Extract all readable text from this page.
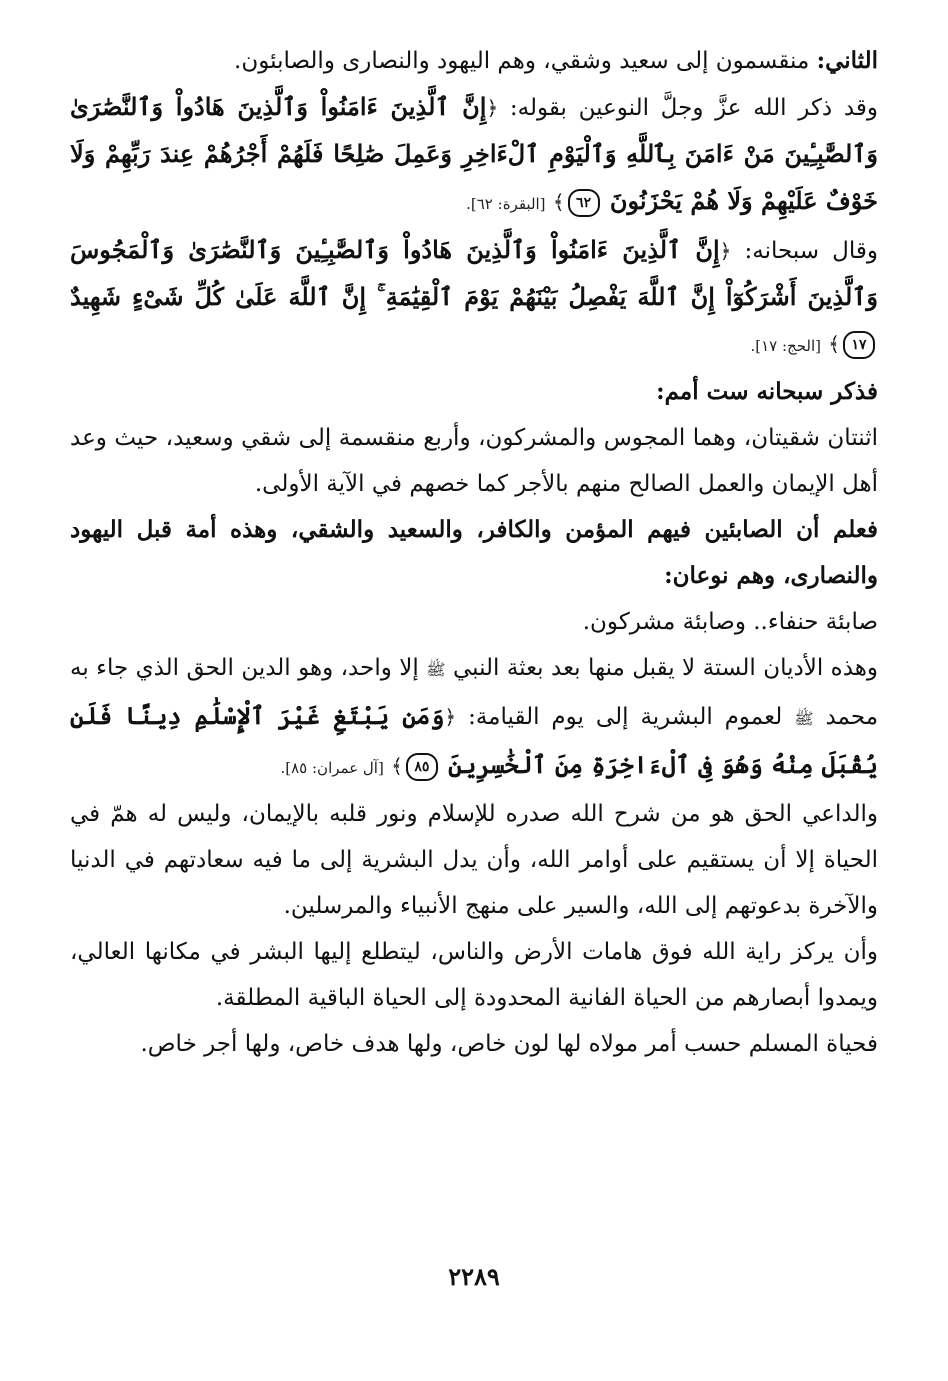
الثاني: منقسمون إلى سعيد وشقي، وهم اليهود والنصارى والصابئون.

وقد ذكر الله عزَّ وجلَّ النوعين بقوله: ﴿إِنَّ ٱلَّذِينَ ءَامَنُواْ وَٱلَّذِينَ هَادُواْ وَٱلنَّصَٰرَىٰ وَٱلصَّٰبِـِٔينَ مَنْ ءَامَنَ بِٱللَّهِ وَٱلْيَوْمِ ٱلْءَاخِرِ وَعَمِلَ صَٰلِحًا فَلَهُمْ أَجْرُهُمْ عِندَ رَبِّهِمْ وَلَا خَوْفٌ عَلَيْهِمْ وَلَا هُمْ يَحْزَنُونَ ٦٢﴾ [البقرة: ٦٢].

وقال سبحانه: ﴿إِنَّ ٱلَّذِينَ ءَامَنُواْ وَٱلَّذِينَ هَادُواْ وَٱلصَّٰبِـِٔينَ وَٱلنَّصَٰرَىٰ وَٱلْمَجُوسَ وَٱلَّذِينَ أَشْرَكُوٓاْ إِنَّ ٱللَّهَ يَفْصِلُ بَيْنَهُمْ يَوْمَ ٱلْقِيَٰمَةِ ۚ إِنَّ ٱللَّهَ عَلَىٰ كُلِّ شَىْءٍ شَهِيدٌ ١٧﴾ [الحج: ١٧].

فذكر سبحانه ست أمم:

اثنتان شقيتان، وهما المجوس والمشركون، وأربع منقسمة إلى شقي وسعيد، حيث وعد أهل الإيمان والعمل الصالح منهم بالأجر كما خصهم في الآية الأولى.

فعلم أن الصابئين فيهم المؤمن والكافر، والسعيد والشقي، وهذه أمة قبل اليهود والنصارى، وهم نوعان:

صابئة حنفاء.. وصابئة مشركون.

وهذه الأديان الستة لا يقبل منها بعد بعثة النبي ﷺ إلا واحد، وهو الدين الحق الذي جاء به محمد ﷺ لعموم البشرية إلى يوم القيامة: ﴿وَمَن يَبْتَغِ غَيْرَ ٱلْإِسْلَٰمِ دِينًا فَلَن يُقْبَلَ مِنْهُ وَهُوَ فِى ٱلْءَاخِرَةِ مِنَ ٱلْخَٰسِرِينَ ٨٥﴾ [آل عمران: ٨٥].

والداعي الحق هو من شرح الله صدره للإسلام ونور قلبه بالإيمان، وليس له همّ في الحياة إلا أن يستقيم على أوامر الله، وأن يدل البشرية إلى ما فيه سعادتهم في الدنيا والآخرة بدعوتهم إلى الله، والسير على منهج الأنبياء والمرسلين.

وأن يركز راية الله فوق هامات الأرض والناس، ليتطلع إليها البشر في مكانها العالي، ويمدوا أبصارهم من الحياة الفانية المحدودة إلى الحياة الباقية المطلقة.

فحياة المسلم حسب أمر مولاه لها لون خاص، ولها هدف خاص، ولها أجر خاص.

٢٢٨٩
